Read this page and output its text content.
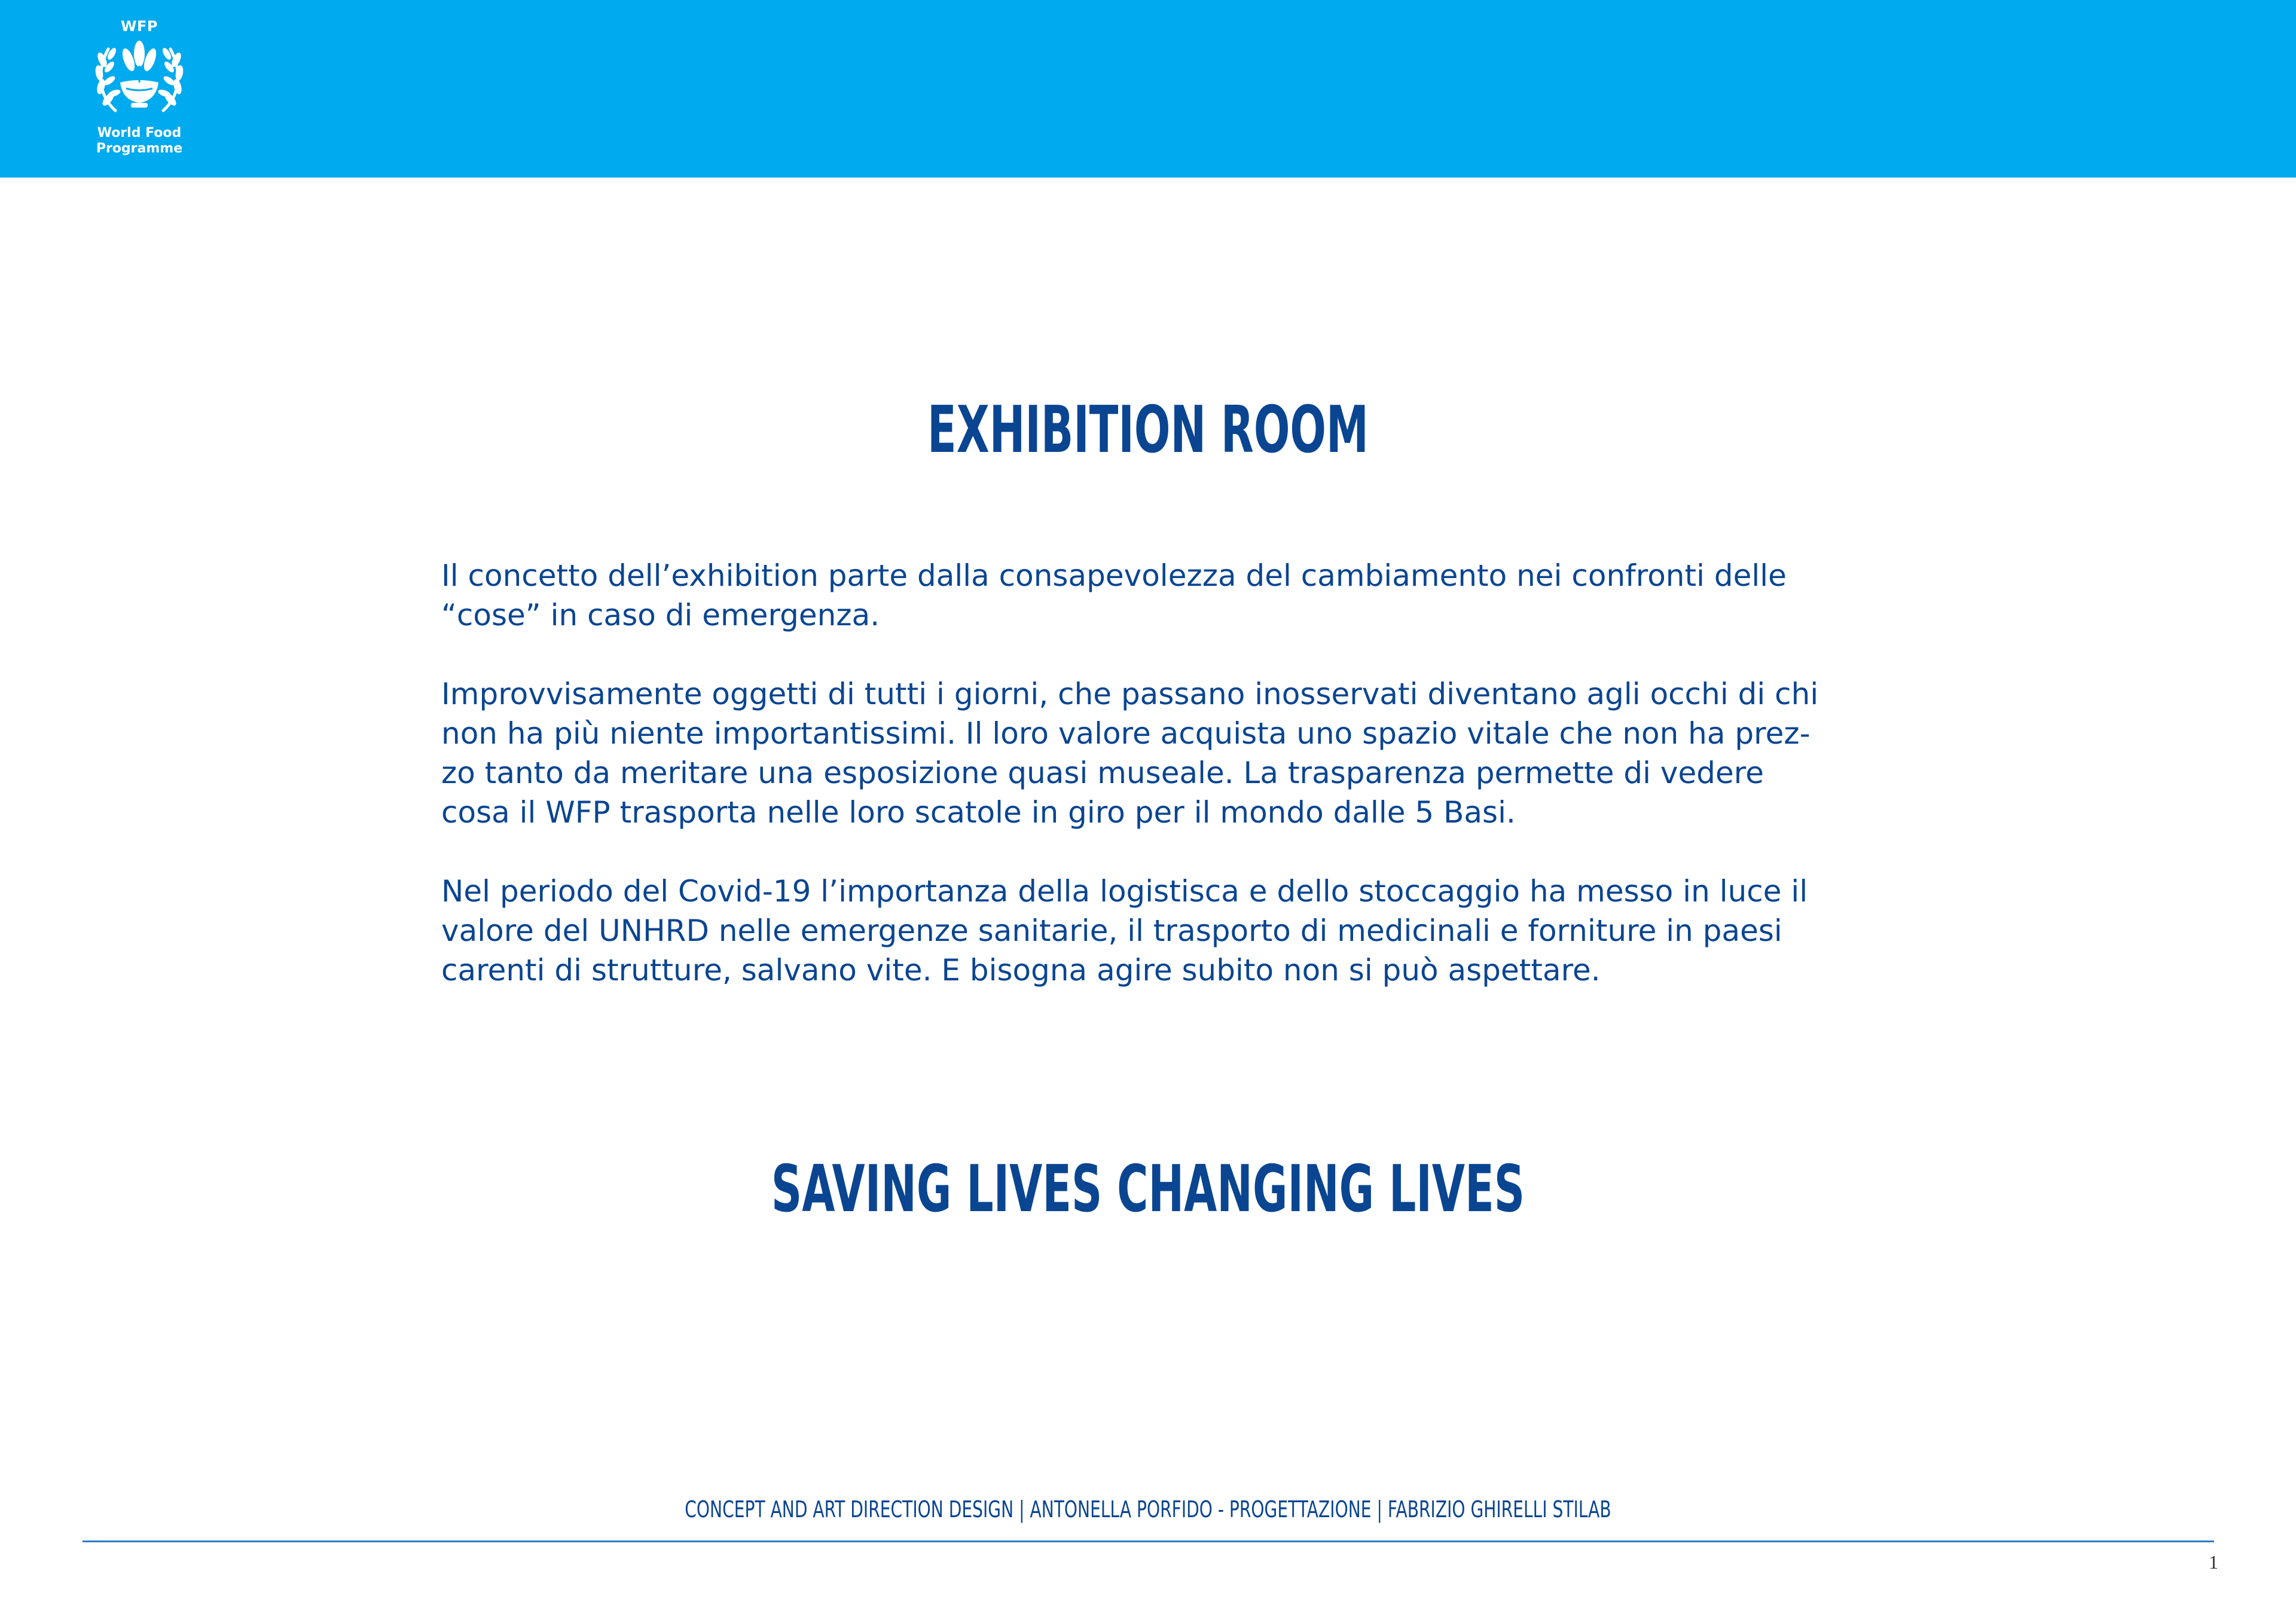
WFP
World Food
Programme
EXHIBITION ROOM

Il concetto dell’exhibition parte dalla consapevolezza del cambiamento nei confronti delle
“cose” in caso di emergenza.

Improvvisamente oggetti di tutti i giorni, che passano inosservati diventano agli occhi di chi
non ha più niente importantissimi. Il loro valore acquista uno spazio vitale che non ha prez-
zo tanto da meritare una esposizione quasi museale. La trasparenza permette di vedere
cosa il WFP trasporta nelle loro scatole in giro per il mondo dalle 5 Basi.

Nel periodo del Covid-19 l’importanza della logistisca e dello stoccaggio ha messo in luce il
valore del UNHRD nelle emergenze sanitarie, il trasporto di medicinali e forniture in paesi
carenti di strutture, salvano vite. E bisogna agire subito non si può aspettare.

SAVING LIVES CHANGING LIVES
CONCEPT AND ART DIRECTION DESIGN | ANTONELLA PORFIDO - PROGETTAZIONE | FABRIZIO GHIRELLI STILAB
1
